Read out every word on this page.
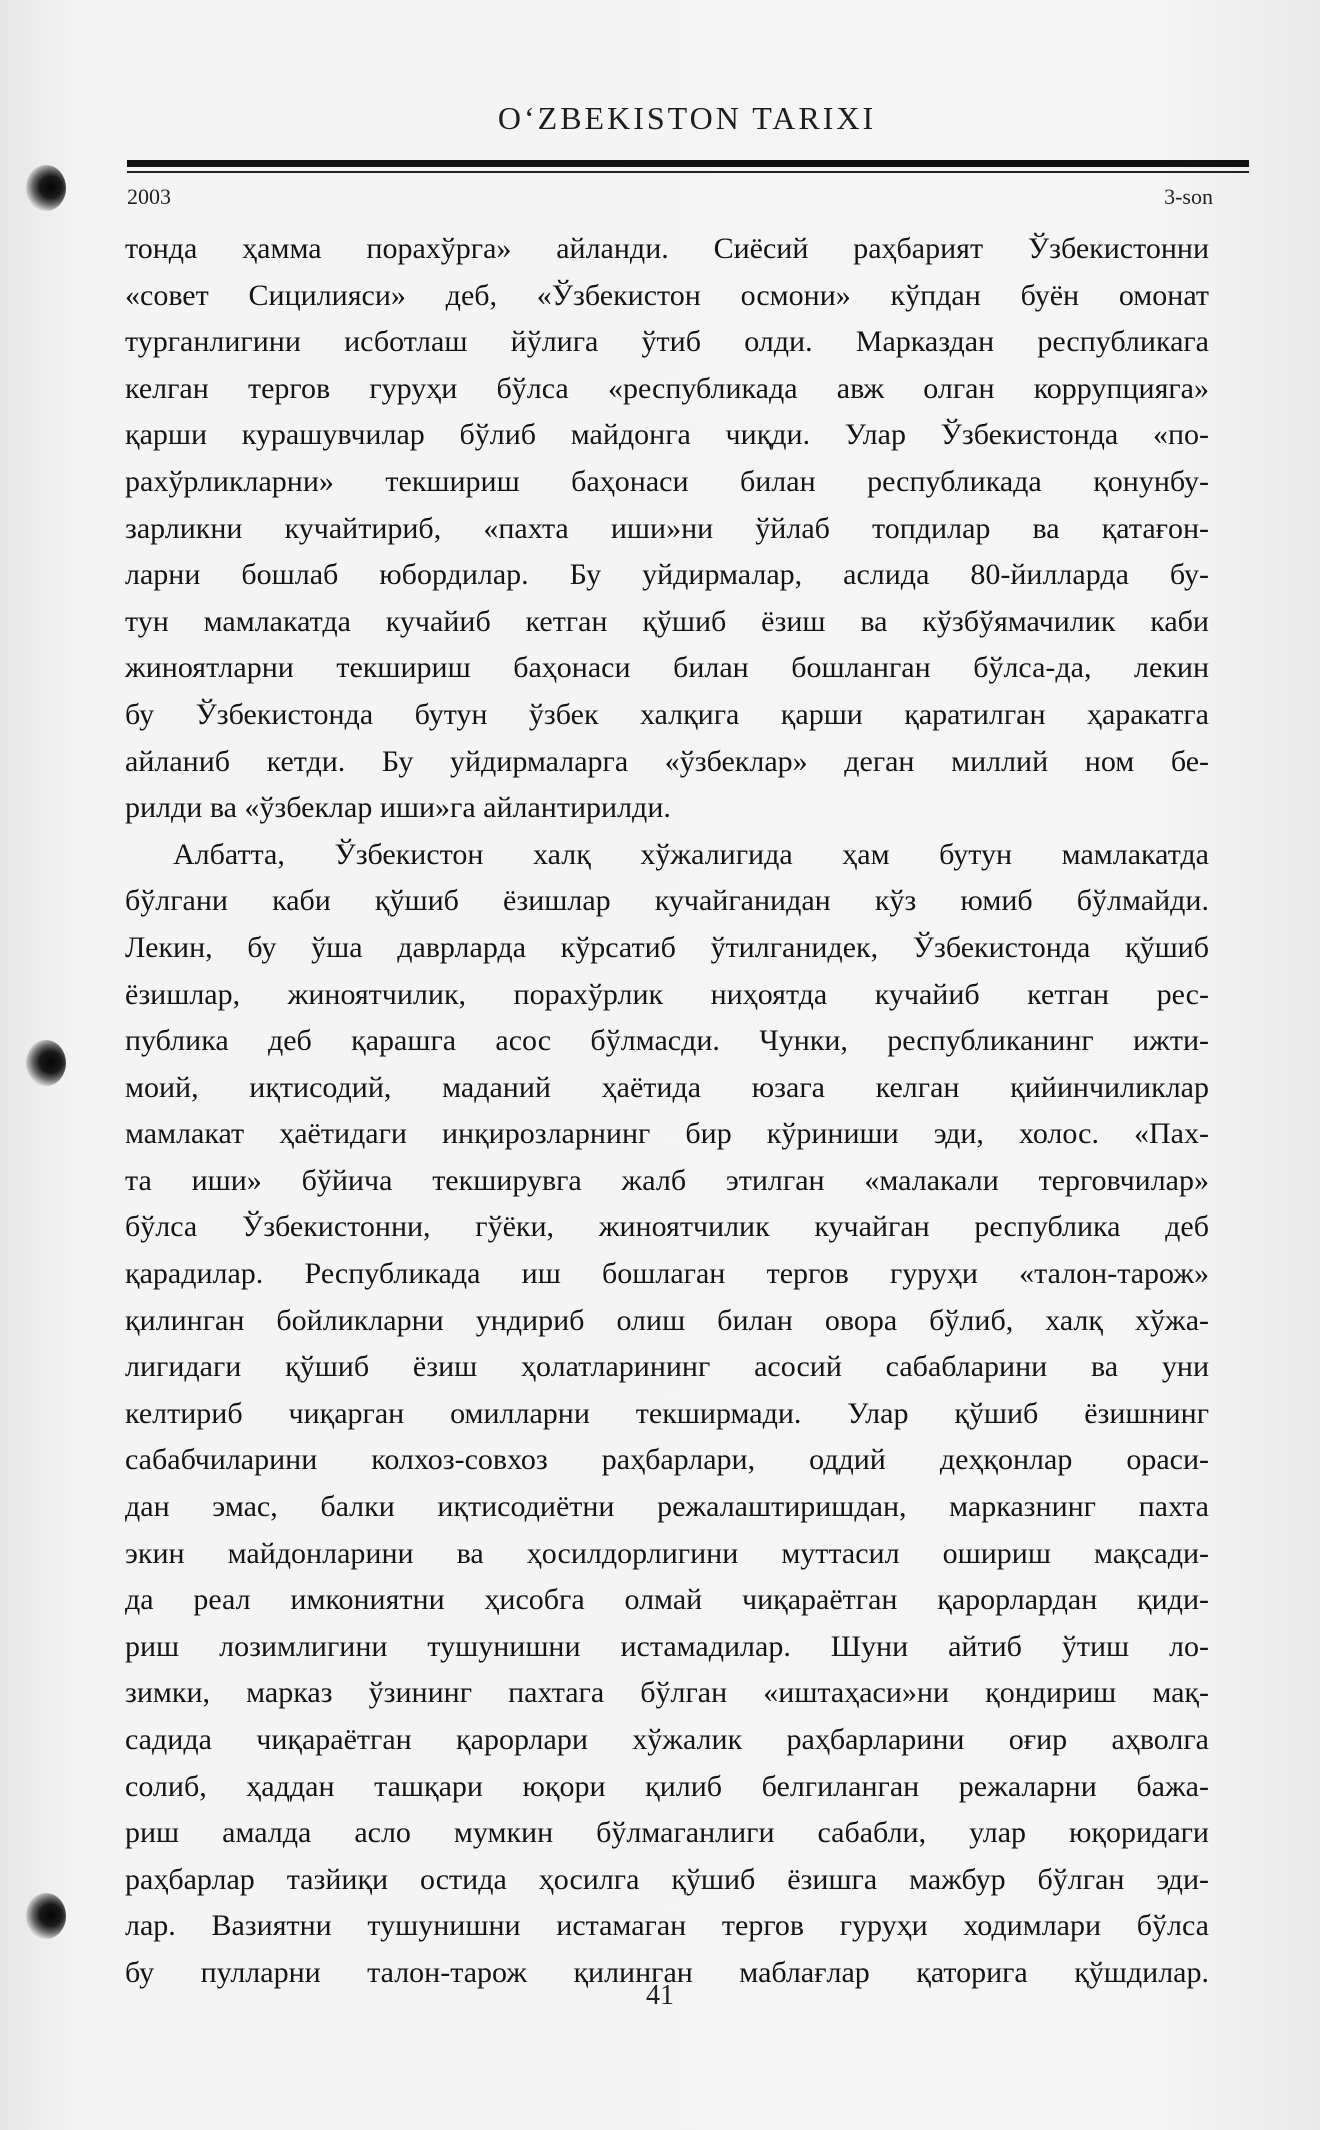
O‘ZBEKISTON TARIXI
2003	3-son
тонда ҳамма порахўрга» айланди. Сиёсий раҳбарият Ўзбекистонни
«совет Сицилияси» деб, «Ўзбекистон осмони» кўпдан буён омонат
турганлигини исботлаш йўлига ўтиб олди. Марказдан республикага
келган тергов гуруҳи бўлса «республикада авж олган коррупцияга»
қарши курашувчилар бўлиб майдонга чиқди. Улар Ўзбекистонда «по-
рахўрликларни» текшириш баҳонаси билан республикада қонунбу-
зарликни кучайтириб, «пахта иши»ни ўйлаб топдилар ва қатағон-
ларни бошлаб юбордилар. Бу уйдирмалар, аслида 80-йилларда бу-
тун мамлакатда кучайиб кетган қўшиб ёзиш ва кўзбўямачилик каби
жиноятларни текшириш баҳонаси билан бошланган бўлса-да, лекин
бу Ўзбекистонда бутун ўзбек халқига қарши қаратилган ҳаракатга
айланиб кетди. Бу уйдирмаларга «ўзбеклар» деган миллий ном бе-
рилди ва «ўзбеклар иши»га айлантирилди.
Албатта, Ўзбекистон халқ хўжалигида ҳам бутун мамлакатда
бўлгани каби қўшиб ёзишлар кучайганидан кўз юмиб бўлмайди.
Лекин, бу ўша даврларда кўрсатиб ўтилганидек, Ўзбекистонда қўшиб
ёзишлар, жиноятчилик, порахўрлик ниҳоятда кучайиб кетган рес-
публика деб қарашга асос бўлмасди. Чунки, республиканинг ижти-
моий, иқтисодий, маданий ҳаётида юзага келган қийинчиликлар
мамлакат ҳаётидаги инқирозларнинг бир кўриниши эди, холос. «Пах-
та иши» бўйича текширувга жалб этилган «малакали терговчилар»
бўлса Ўзбекистонни, гўёки, жиноятчилик кучайган республика деб
қарадилар. Республикада иш бошлаган тергов гуруҳи «талон-тарож»
қилинган бойликларни ундириб олиш билан овора бўлиб, халқ хўжа-
лигидаги қўшиб ёзиш ҳолатларининг асосий сабабларини ва уни
келтириб чиқарган омилларни текширмади. Улар қўшиб ёзишнинг
сабабчиларини колхоз-совхоз раҳбарлари, оддий деҳқонлар ораси-
дан эмас, балки иқтисодиётни режалаштиришдан, марказнинг пахта
экин майдонларини ва ҳосилдорлигини муттасил ошириш мақсади-
да реал имкониятни ҳисобга олмай чиқараётган қарорлардан қиди-
риш лозимлигини тушунишни истамадилар. Шуни айтиб ўтиш ло-
зимки, марказ ўзининг пахтага бўлган «иштаҳаси»ни қондириш мақ-
садида чиқараётган қарорлари хўжалик раҳбарларини оғир аҳволга
солиб, ҳаддан ташқари юқори қилиб белгиланган режаларни бажа-
риш амалда асло мумкин бўлмаганлиги сабабли, улар юқоридаги
раҳбарлар тазйиқи остида ҳосилга қўшиб ёзишга мажбур бўлган эди-
лар. Вазиятни тушунишни истамаган тергов гуруҳи ходимлари бўлса
бу пулларни талон-тарож қилинган маблағлар қаторига қўшдилар.
41
